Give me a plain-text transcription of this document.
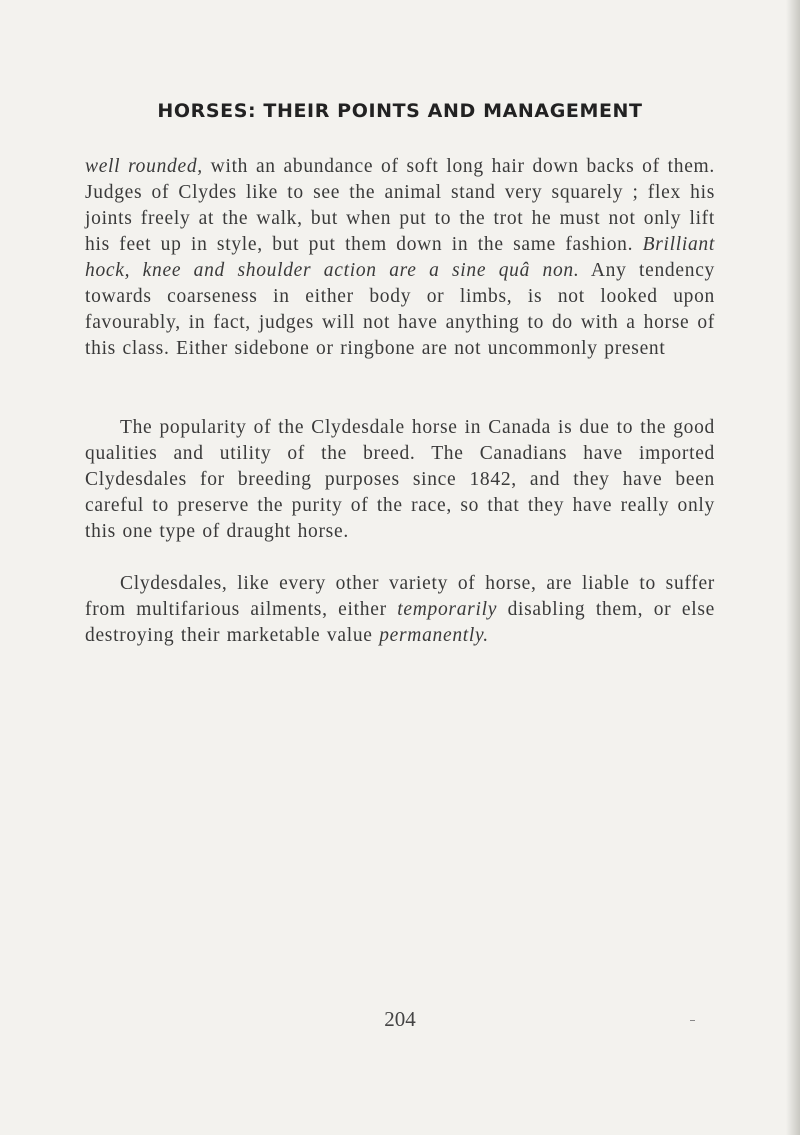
HORSES: THEIR POINTS AND MANAGEMENT

well rounded, with an abundance of soft long hair down backs of them. Judges of Clydes like to see the animal stand very squarely ; flex his joints freely at the walk, but when put to the trot he must not only lift his feet up in style, but put them down in the same fashion. Brilliant hock, knee and shoulder action are a sine quâ non. Any tendency towards coarseness in either body or limbs, is not looked upon favourably, in fact, judges will not have anything to do with a horse of this class. Either sidebone or ringbone are not uncommonly present

The popularity of the Clydesdale horse in Canada is due to the good qualities and utility of the breed. The Canadians have imported Clydesdales for breeding purposes since 1842, and they have been careful to preserve the purity of the race, so that they have really only this one type of draught horse.

Clydesdales, like every other variety of horse, are liable to suffer from multifarious ailments, either temporarily disabling them, or else destroying their marketable value permanently.

204
